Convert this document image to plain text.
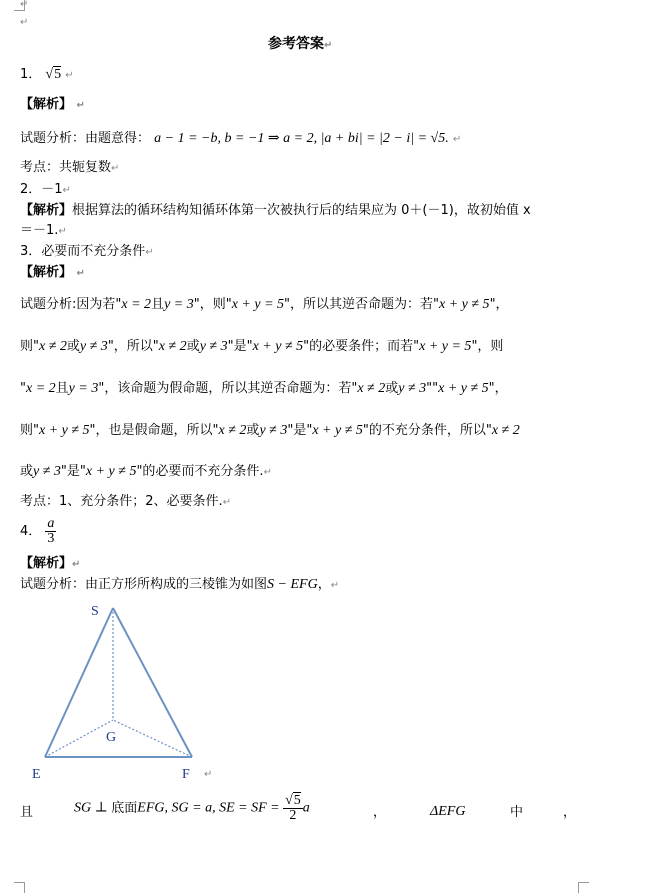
↵
↵
参考答案↵
1． √5 ↵
【解析】 ↵
试题分析：由题意得： a − 1 = −b, b = −1 ⇒ a = 2, |a + bi| = |2 − i| = √5. ↵
考点：共轭复数↵
2．－1↵
【解析】根据算法的循环结构知循环体第一次被执行后的结果应为 0＋(－1)，故初始值 x
＝－1.↵
3．必要而不充分条件↵
【解析】 ↵
试题分析:因为若"x = 2且y = 3"，则"x + y = 5"，所以其逆否命题为：若"x + y ≠ 5"，
则"x ≠ 2或y ≠ 3"，所以"x ≠ 2或y ≠ 3"是"x + y ≠ 5"的必要条件；而若"x + y = 5"，则
"x = 2且y = 3"，该命题为假命题，所以其逆否命题为：若"x ≠ 2或y ≠ 3""x + y ≠ 5"，
则"x + y ≠ 5"，也是假命题，所以"x ≠ 2或y ≠ 3"是"x + y ≠ 5"的不充分条件，所以"x ≠ 2
或y ≠ 3"是"x + y ≠ 5"的必要而不充分条件.↵
考点：1、充分条件；2、必要条件.↵
4． $\frac{a}{3}$
【解析】↵
试题分析：由正方形所构成的三棱锥为如图S − EFG，↵
S
G
E	F ↵
且	SG ⊥ 底面EFG, SG = a, SE = SF = $\frac{√5}{2}$ a	，	ΔEFG	中	，
